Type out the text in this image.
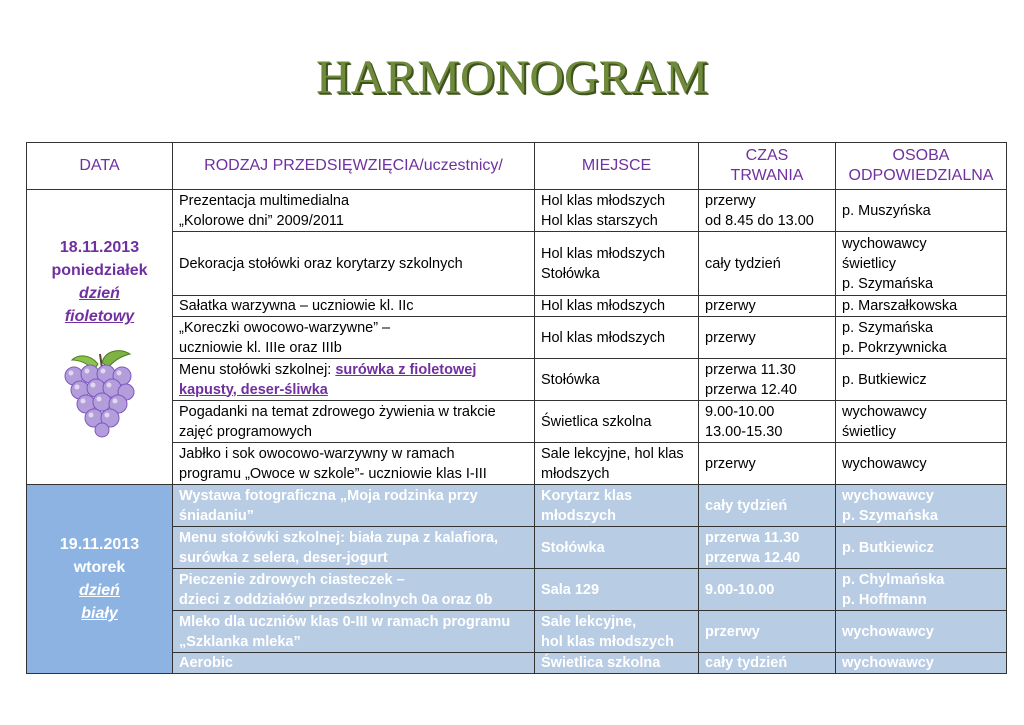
HARMONOGRAM
DATA	RODZAJ PRZEDSIĘWZIĘCIA/uczestnicy/	MIEJSCE	CZAS
TRWANIA	OSOBA
ODPOWIEDZIALNA

18.11.2013
poniedziałek
dzień
fioletowy	Prezentacja multimedialna
„Kolorowe dni” 2009/2011	Hol klas młodszych
Hol klas starszych	przerwy
od 8.45 do 13.00	p. Muszyńska

	Dekoracja stołówki oraz korytarzy szkolnych	Hol klas młodszych
Stołówka	cały tydzień	wychowawcy
świetlicy
p. Szymańska

	Sałatka warzywna – uczniowie kl. IIc	Hol klas młodszych	przerwy	p. Marszałkowska

	„Koreczki owocowo-warzywne” –
uczniowie kl. IIIe oraz IIIb	Hol klas młodszych	przerwy	p. Szymańska
p. Pokrzywnicka

	Menu stołówki szkolnej: surówka z fioletowej
kapusty, deser-śliwka	Stołówka	przerwa 11.30
przerwa 12.40	p. Butkiewicz

	Pogadanki na temat zdrowego żywienia w trakcie
zajęć programowych	Świetlica szkolna	9.00-10.00
13.00-15.30	wychowawcy
świetlicy

	Jabłko i sok owocowo-warzywny w ramach
programu „Owoce w szkole”- uczniowie klas I-III	Sale lekcyjne, hol klas
młodszych	przerwy	wychowawcy

19.11.2013
wtorek
dzień
biały	Wystawa fotograficzna „Moja rodzinka przy
śniadaniu”	Korytarz klas
młodszych	cały tydzień	wychowawcy
p. Szymańska

	Menu stołówki szkolnej: biała zupa z kalafiora,
surówka z selera, deser-jogurt	Stołówka	przerwa 11.30
przerwa 12.40	p. Butkiewicz

	Pieczenie zdrowych ciasteczek –
dzieci z oddziałów przedszkolnych 0a oraz 0b	Sala 129	9.00-10.00	p. Chylmańska
p. Hoffmann

	Mleko dla uczniów klas 0-III w ramach programu
„Szklanka mleka”	Sale lekcyjne,
hol klas młodszych	przerwy	wychowawcy

	Aerobic	Świetlica szkolna	cały tydzień	wychowawcy
